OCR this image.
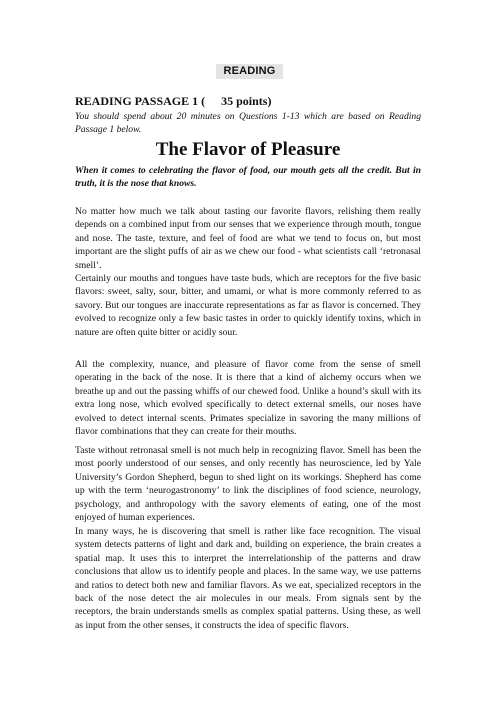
READING
READING PASSAGE 1 ( 35 points)
You should spend about 20 minutes on Questions 1-13 which are based on Reading Passage 1 below.
The Flavor of Pleasure
When it comes to celebrating the flavor of food, our mouth gets all the credit. But in truth, it is the nose that knows.
No matter how much we talk about tasting our favorite flavors, relishing them really depends on a combined input from our senses that we experience through mouth, tongue and nose. The taste, texture, and feel of food are what we tend to focus on, but most important are the slight puffs of air as we chew our food - what scientists call ‘retronasal smell’.
Certainly our mouths and tongues have taste buds, which are receptors for the five basic flavors: sweet, salty, sour, bitter, and umami, or what is more commonly referred to as savory. But our tongues are inaccurate representations as far as flavor is concerned. They evolved to recognize only a few basic tastes in order to quickly identify toxins, which in nature are often quite bitter or acidly sour.
All the complexity, nuance, and pleasure of flavor come from the sense of smell operating in the back of the nose. It is there that a kind of alchemy occurs when we breathe up and out the passing whiffs of our chewed food. Unlike a hound’s skull with its extra long nose, which evolved specifically to detect external smells, our noses have evolved to detect internal scents. Primates specialize in savoring the many millions of flavor combinations that they can create for their mouths.
Taste without retronasal smell is not much help in recognizing flavor. Smell has been the most poorly understood of our senses, and only recently has neuroscience, led by Yale University’s Gordon Shepherd, begun to shed light on its workings. Shepherd has come up with the term ‘neurogastronomy’ to link the disciplines of food science, neurology, psychology, and anthropology with the savory elements of eating, one of the most enjoyed of human experiences.
In many ways, he is discovering that smell is rather like face recognition. The visual system detects patterns of light and dark and, building on experience, the brain creates a spatial map. It uses this to interpret the interrelationship of the patterns and draw conclusions that allow us to identify people and places. In the same way, we use patterns and ratios to detect both new and familiar flavors. As we eat, specialized receptors in the back of the nose detect the air molecules in our meals. From signals sent by the receptors, the brain understands smells as complex spatial patterns. Using these, as well as input from the other senses, it constructs the idea of specific flavors.
